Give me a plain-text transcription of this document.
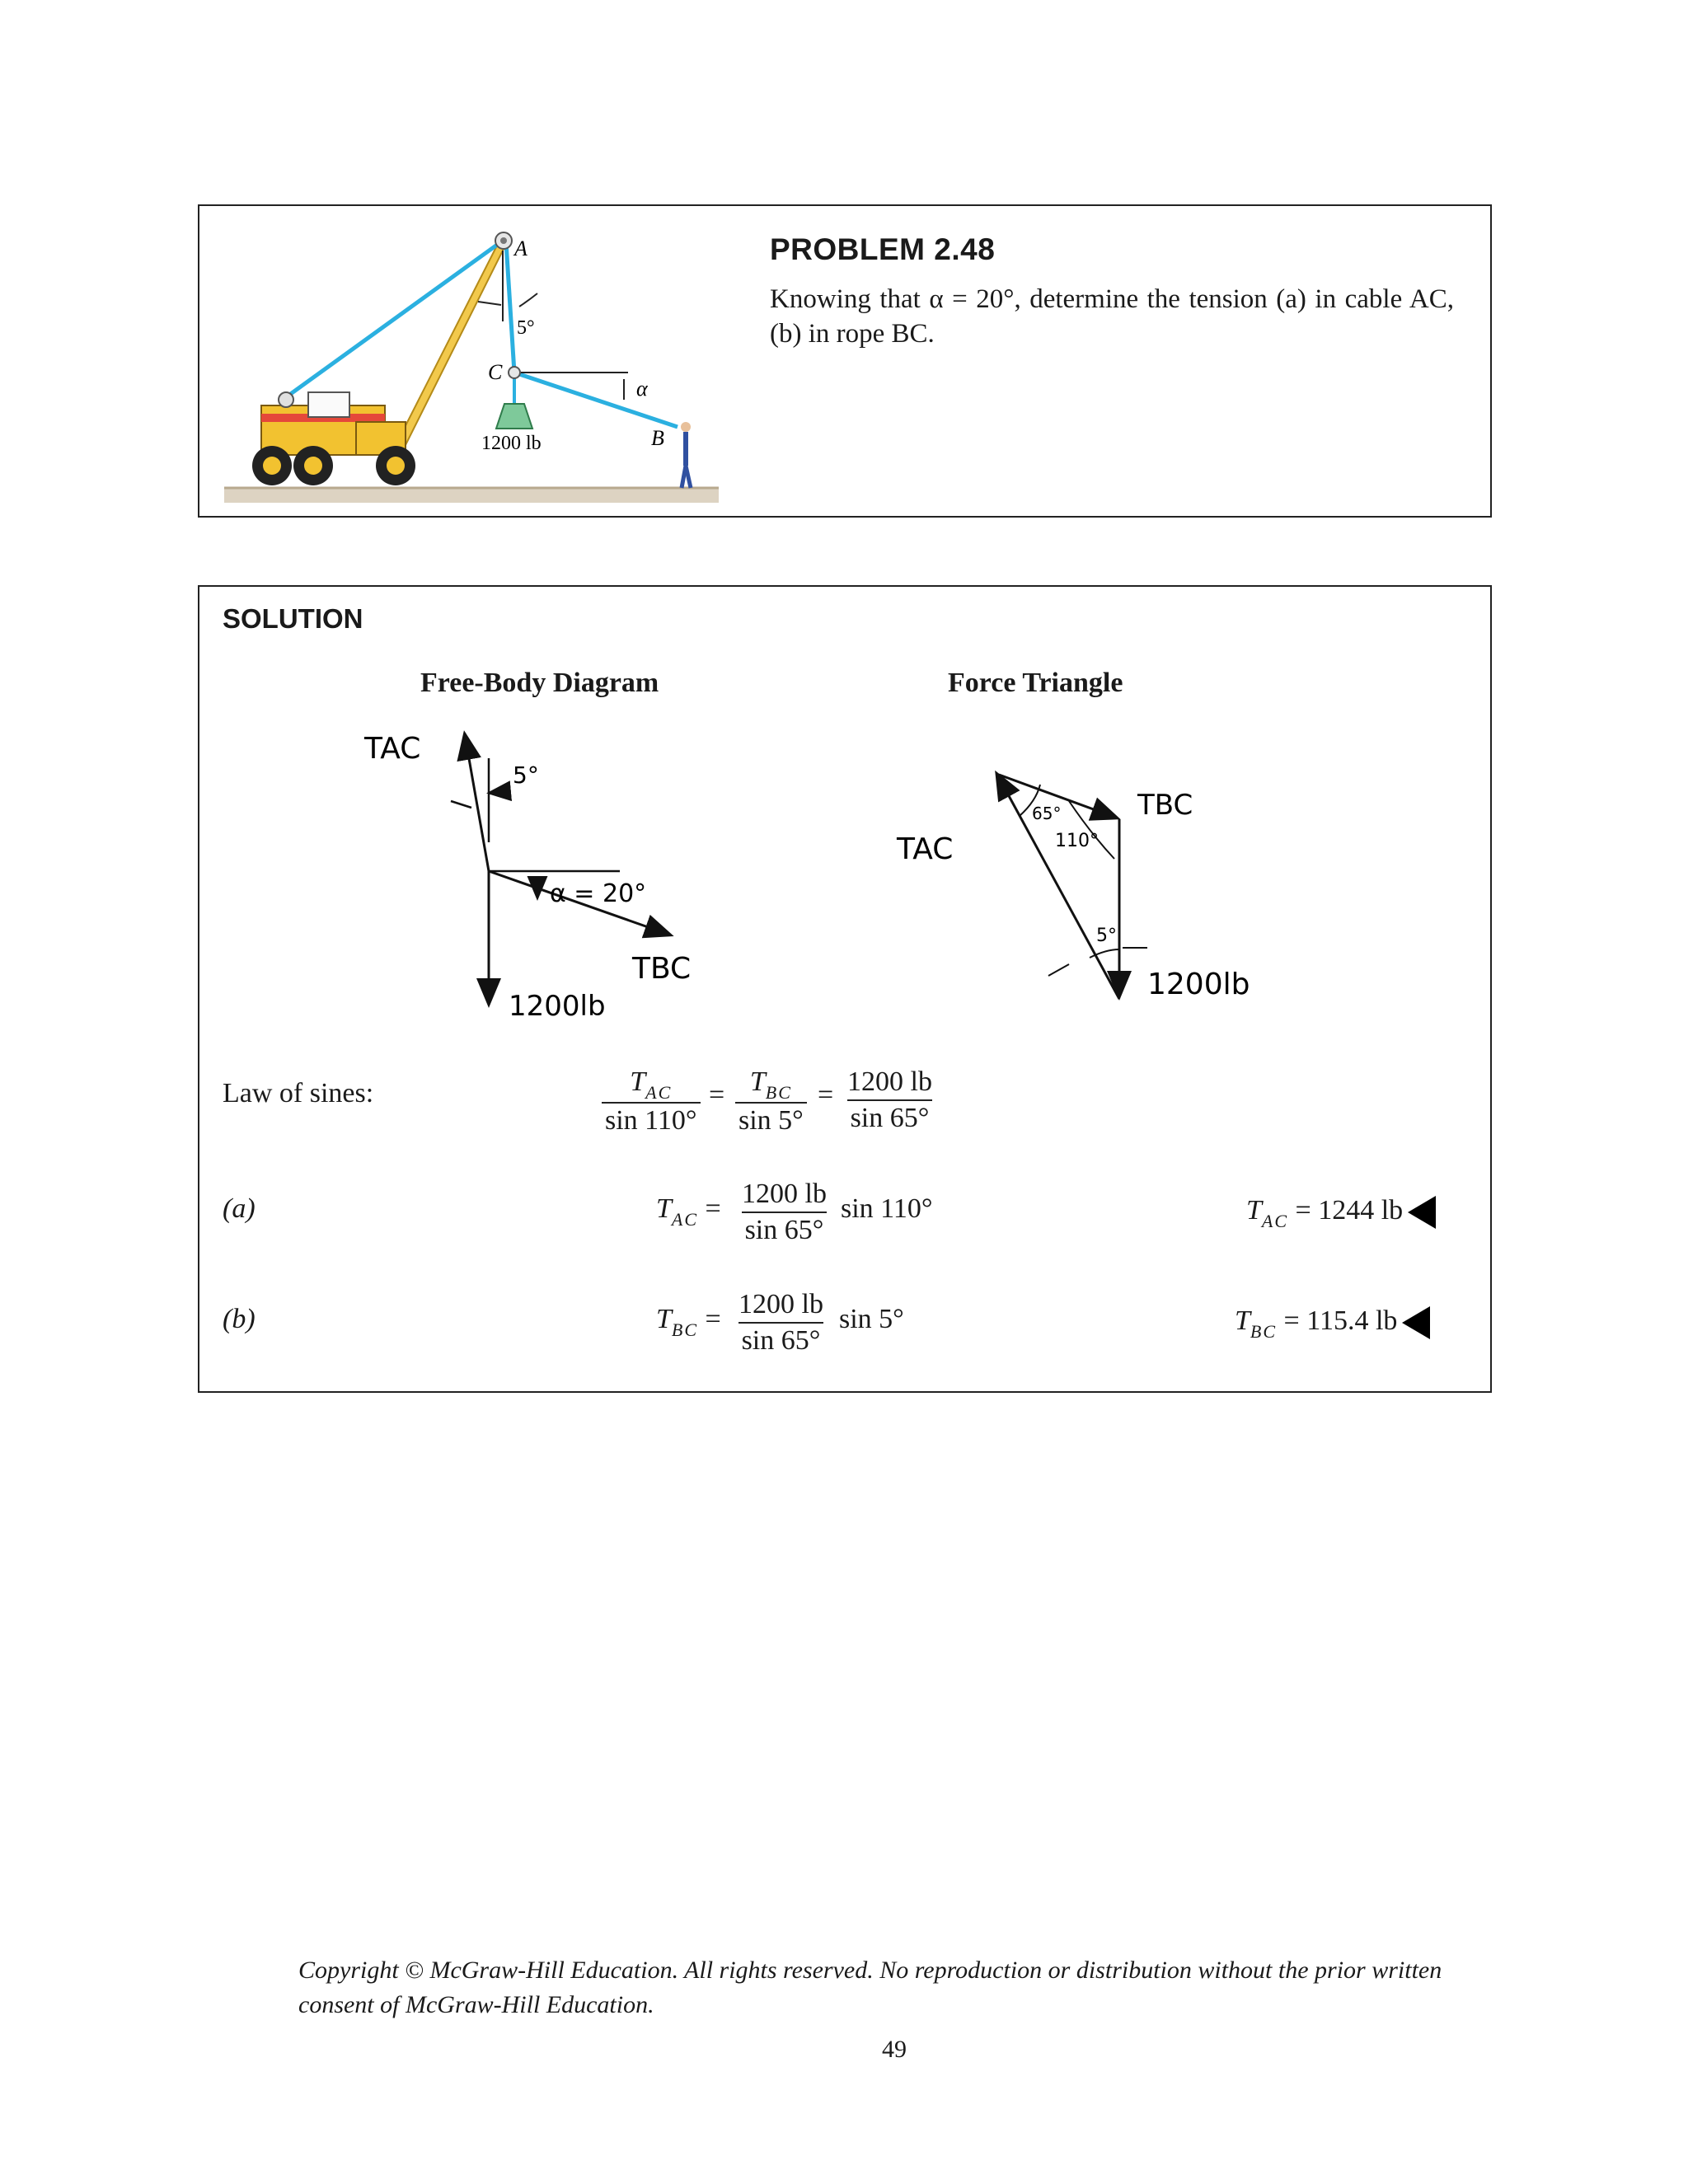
5°
A
C
α
B
1200 lb
PROBLEM 2.48
Knowing that α = 20°, determine the tension (a) in cable AC, (b) in rope BC.
SOLUTION
Free-Body Diagram	Force Triangle
TAC
5°
α = 20°
TBC
1200lb
TAC
TBC
65°
110°
5°
1200lb
Law of sines:	$T_{AC}$
sin 110°
= $T_{BC}$
sin 5°
= $\frac{1200 lb}{\sin 65^\circ}$
(a)	$T_{AC} = \frac{1200 lb}{\sin 65^\circ}$ sin 110°	$T_{AC} = 1244$ lb
(b)	$T_{BC} = \frac{1200 lb}{\sin 65^\circ}$ sin 5°	$T_{BC} = 115.4$ lb
Copyright © McGraw-Hill Education. All rights reserved. No reproduction or distribution without the prior written consent of McGraw-Hill Education.
49
